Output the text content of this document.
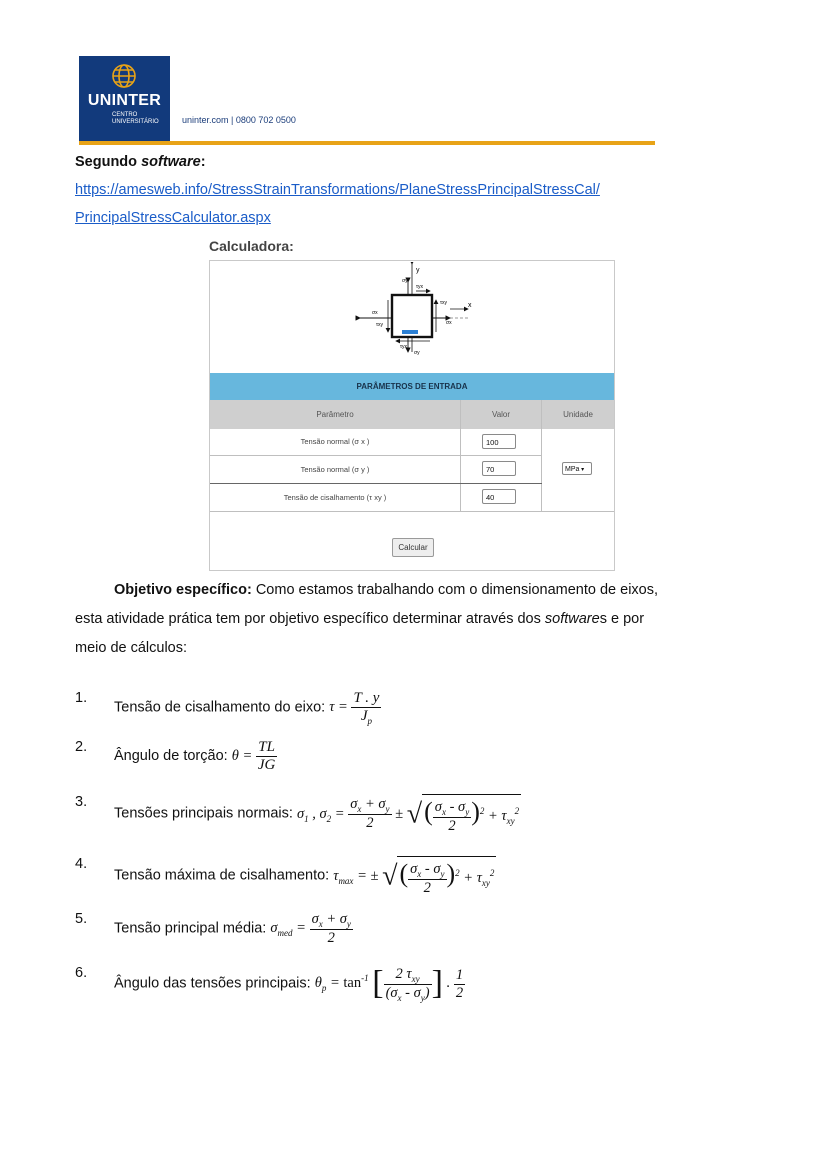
UNINTER
CENTRO
UNIVERSITÁRIO	uninter.com | 0800 702 0500
Segundo software:
https://amesweb.info/StressStrainTransformations/PlaneStressPrincipalStressCal/
PrincipalStressCalculator.aspx
Calculadora:
y
x
σy
τyx
τxy
σx
σx
τxy
τyx
σy
PARÂMETROS DE ENTRADA
Parâmetro	Valor	Unidade
Tensão normal (σ x )	100
Tensão normal (σ y )	70
Tensão de cisalhamento (τ xy )	40
MPa ▾
Calcular
Objetivo específico: Como estamos trabalhando com o dimensionamento de eixos,
esta atividade prática tem por objetivo específico determinar através dos softwares e por
meio de cálculos:
1.
Tensão de cisalhamento do eixo: $\tau = \frac{T . y}{J_p}$
2.
Ângulo de torção: $\theta = \frac{TL}{JG}$
3.
Tensões principais normais: $\sigma_1$ , $\sigma_2 = \frac{\sigma_x + \sigma_y}{2}$ ± √( $\frac{\sigma_x - \sigma_y}{2} )^2 + \tau_{xy}^2$
4.
Tensão máxima de cisalhamento: $\tau_{max}$ = ± √( $\frac{\sigma_x - \sigma_y}{2} )^2 + \tau_{xy}^2$
5.
Tensão principal média: $\sigma_{med} = \frac{\sigma_x + \sigma_y}{2}$
6.
Ângulo das tensões principais: $\theta_p = \tan^{-1}$ [ $\frac{2 \tau_{xy}}{(\sigma_x - \sigma_y)}$ ] . $\frac{1}{2}$
